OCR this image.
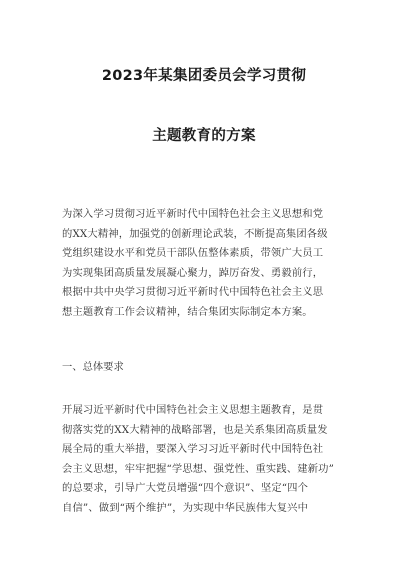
2023年某集团委员会学习贯彻
主题教育的方案
为深入学习贯彻习近平新时代中国特色社会主义思想和党
的XX大精神，加强党的创新理论武装，不断提高集团各级
党组织建设水平和党员干部队伍整体素质，带领广大员工
为实现集团高质量发展凝心聚力，踔厉奋发、勇毅前行，
根据中共中央学习贯彻习近平新时代中国特色社会主义思
想主题教育工作会议精神，结合集团实际制定本方案。
一、总体要求
开展习近平新时代中国特色社会主义思想主题教育，是贯
彻落实党的XX大精神的战略部署，也是关系集团高质量发
展全局的重大举措，要深入学习习近平新时代中国特色社
会主义思想，牢牢把握“学思想、强党性、重实践、建新功”
的总要求，引导广大党员增强“四个意识”、坚定“四个
自信”、做到“两个维护”，为实现中华民族伟大复兴中
